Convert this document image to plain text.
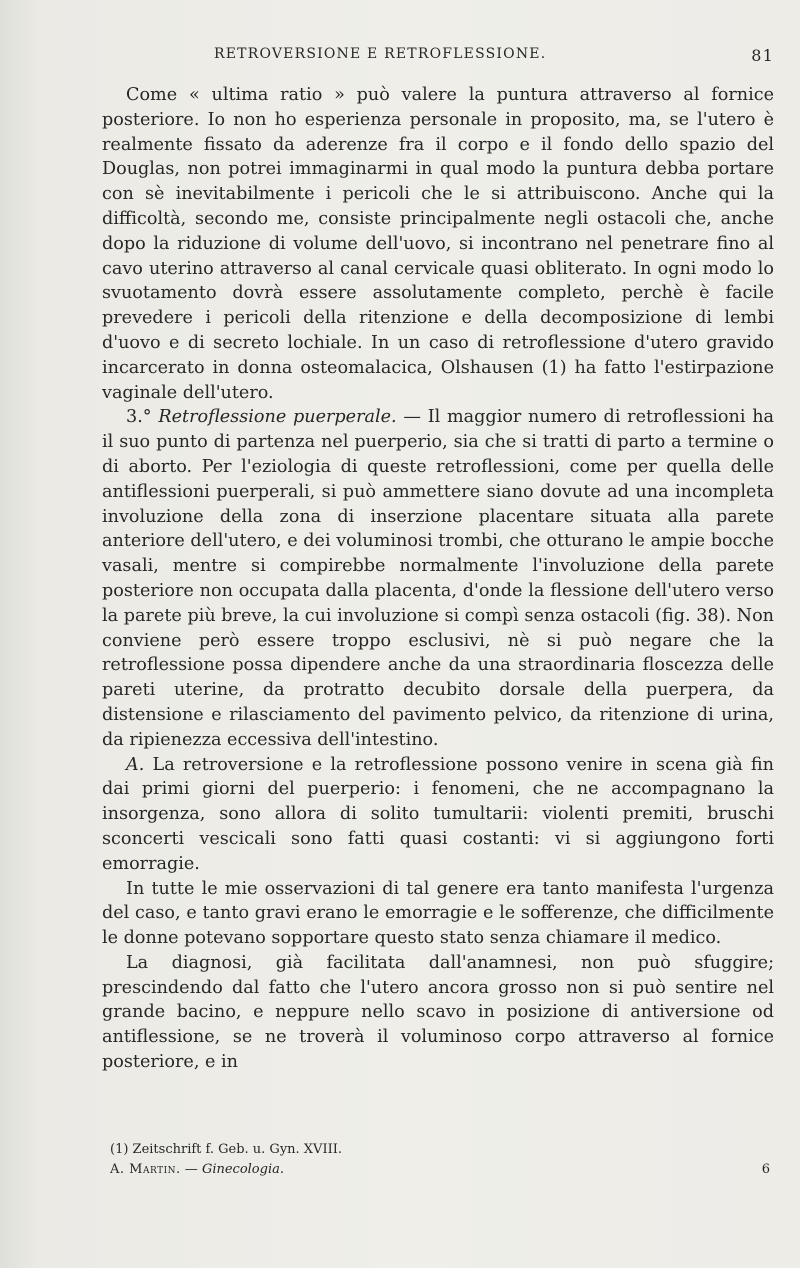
RETROVERSIONE E RETROFLESSIONE.	81

Come « ultima ratio » può valere la puntura attraverso al fornice posteriore. Io non ho esperienza personale in proposito, ma, se l'utero è realmente fissato da aderenze fra il corpo e il fondo dello spazio del Douglas, non potrei immaginarmi in qual modo la puntura debba portare con sè inevitabilmente i pericoli che le si attribuiscono. Anche qui la difficoltà, secondo me, consiste principalmente negli ostacoli che, anche dopo la riduzione di volume dell'uovo, si incontrano nel penetrare fino al cavo uterino attraverso al canal cervicale quasi obliterato. In ogni modo lo svuotamento dovrà essere assolutamente completo, perchè è facile prevedere i pericoli della ritenzione e della decomposizione di lembi d'uovo e di secreto lochiale. In un caso di retroflessione d'utero gravido incarcerato in donna osteomalacica, Olshausen (1) ha fatto l'estirpazione vaginale dell'utero.

3.° Retroflessione puerperale. — Il maggior numero di retroflessioni ha il suo punto di partenza nel puerperio, sia che si tratti di parto a termine o di aborto. Per l'eziologia di queste retroflessioni, come per quella delle antiflessioni puerperali, si può ammettere siano dovute ad una incompleta involuzione della zona di inserzione placentare situata alla parete anteriore dell'utero, e dei voluminosi trombi, che otturano le ampie bocche vasali, mentre si compirebbe normalmente l'involuzione della parete posteriore non occupata dalla placenta, d'onde la flessione dell'utero verso la parete più breve, la cui involuzione si compì senza ostacoli (fig. 38). Non conviene però essere troppo esclusivi, nè si può negare che la retroflessione possa dipendere anche da una straordinaria floscezza delle pareti uterine, da protratto decubito dorsale della puerpera, da distensione e rilasciamento del pavimento pelvico, da ritenzione di urina, da ripienezza eccessiva dell'intestino.

A. La retroversione e la retroflessione possono venire in scena già fin dai primi giorni del puerperio: i fenomeni, che ne accompagnano la insorgenza, sono allora di solito tumultarii: violenti premiti, bruschi sconcerti vescicali sono fatti quasi costanti: vi si aggiungono forti emorragie.

In tutte le mie osservazioni di tal genere era tanto manifesta l'urgenza del caso, e tanto gravi erano le emorragie e le sofferenze, che difficilmente le donne potevano sopportare questo stato senza chiamare il medico.

La diagnosi, già facilitata dall'anamnesi, non può sfuggire; prescindendo dal fatto che l'utero ancora grosso non si può sentire nel grande bacino, e neppure nello scavo in posizione di antiversione od antiflessione, se ne troverà il voluminoso corpo attraverso al fornice posteriore, e in

(1) Zeitschrift f. Geb. u. Gyn. XVIII.

A. Martin. — Ginecologia.	6
